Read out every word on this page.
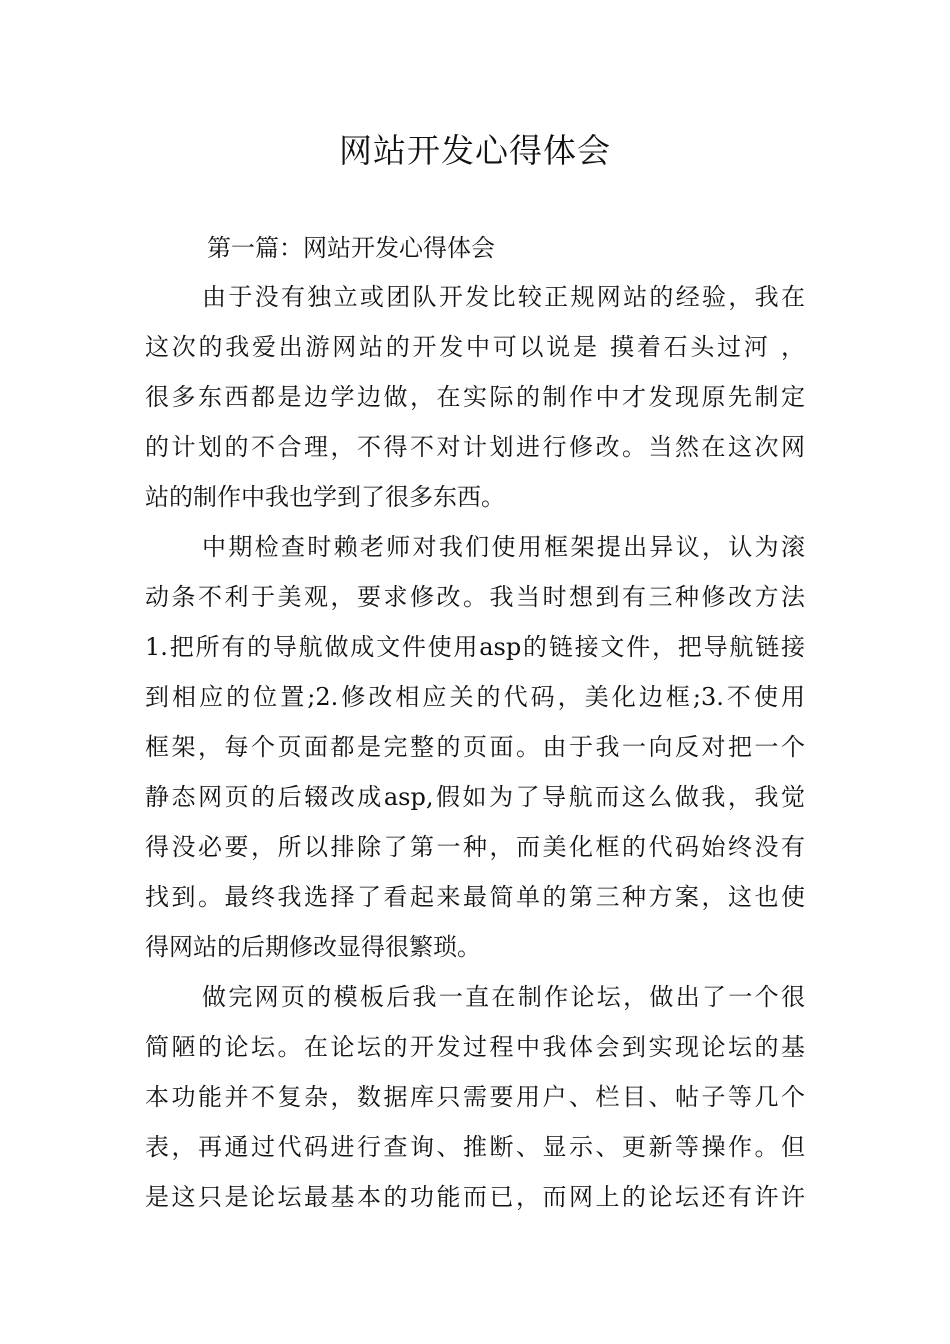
网站开发心得体会
第一篇：网站开发心得体会
由于没有独立或团队开发比较正规网站的经验，我在
这次的我爱出游网站的开发中可以说是 摸着石头过河 ，
很多东西都是边学边做，在实际的制作中才发现原先制定
的计划的不合理，不得不对计划进行修改。当然在这次网
站的制作中我也学到了很多东西。
中期检查时赖老师对我们使用框架提出异议，认为滚
动条不利于美观，要求修改。我当时想到有三种修改方法
1.把所有的导航做成文件使用asp的链接文件，把导航链接
到相应的位置;2.修改相应关的代码，美化边框;3.不使用
框架，每个页面都是完整的页面。由于我一向反对把一个
静态网页的后辍改成asp,假如为了导航而这么做我，我觉
得没必要，所以排除了第一种，而美化框的代码始终没有
找到。最终我选择了看起来最简单的第三种方案，这也使
得网站的后期修改显得很繁琐。
做完网页的模板后我一直在制作论坛，做出了一个很
简陋的论坛。在论坛的开发过程中我体会到实现论坛的基
本功能并不复杂，数据库只需要用户、栏目、帖子等几个
表，再通过代码进行查询、推断、显示、更新等操作。但
是这只是论坛最基本的功能而已，而网上的论坛还有许许
